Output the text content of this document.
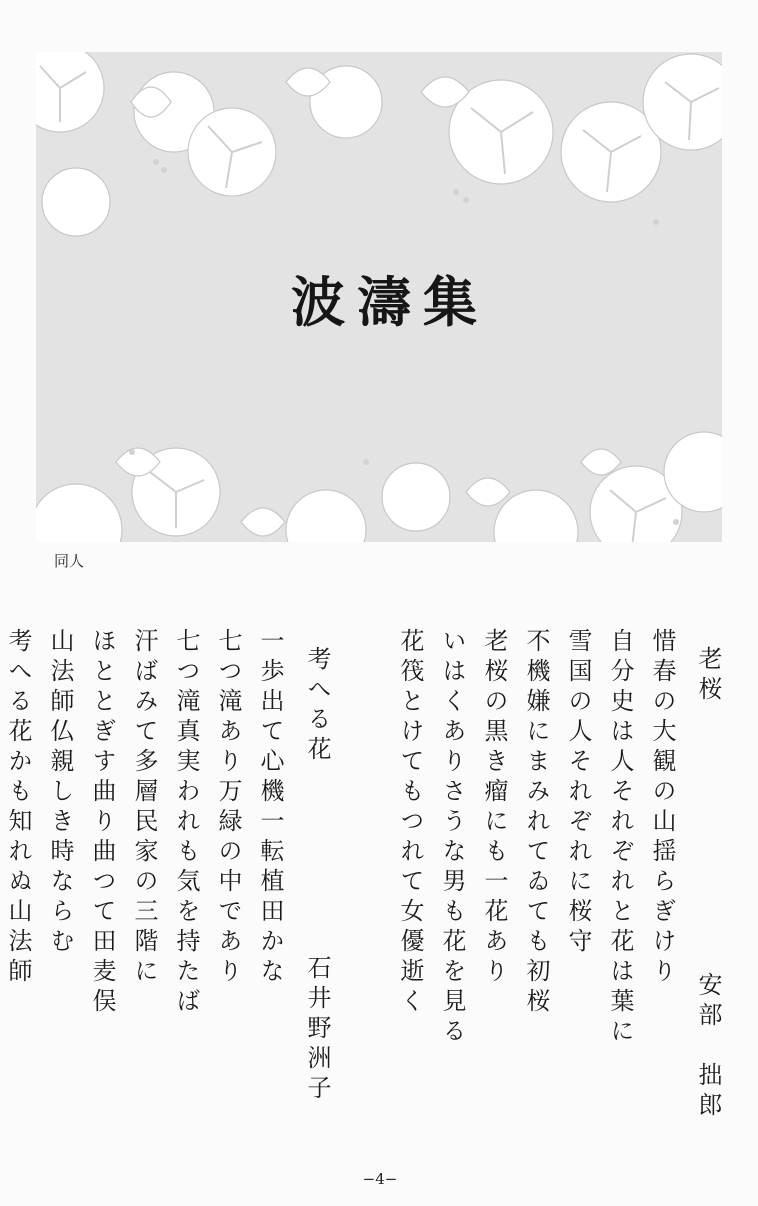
波濤集
同人
老桜
安部　拙郎
惜春の大観の山揺らぎけり
自分史は人それぞれと花は葉に
雪国の人それぞれに桜守
不機嫌にまみれてゐても初桜
老桜の黒き瘤にも一花あり
いはくありさうな男も花を見る
花筏とけてもつれて女優逝く
考へる花
石井野洲子
一歩出て心機一転植田かな
七つ滝あり万緑の中であり
七つ滝真実われも気を持たば
汗ばみて多層民家の三階に
ほととぎす曲り曲つて田麦俣
山法師仏親しき時ならむ
考へる花かも知れぬ山法師
−4−
